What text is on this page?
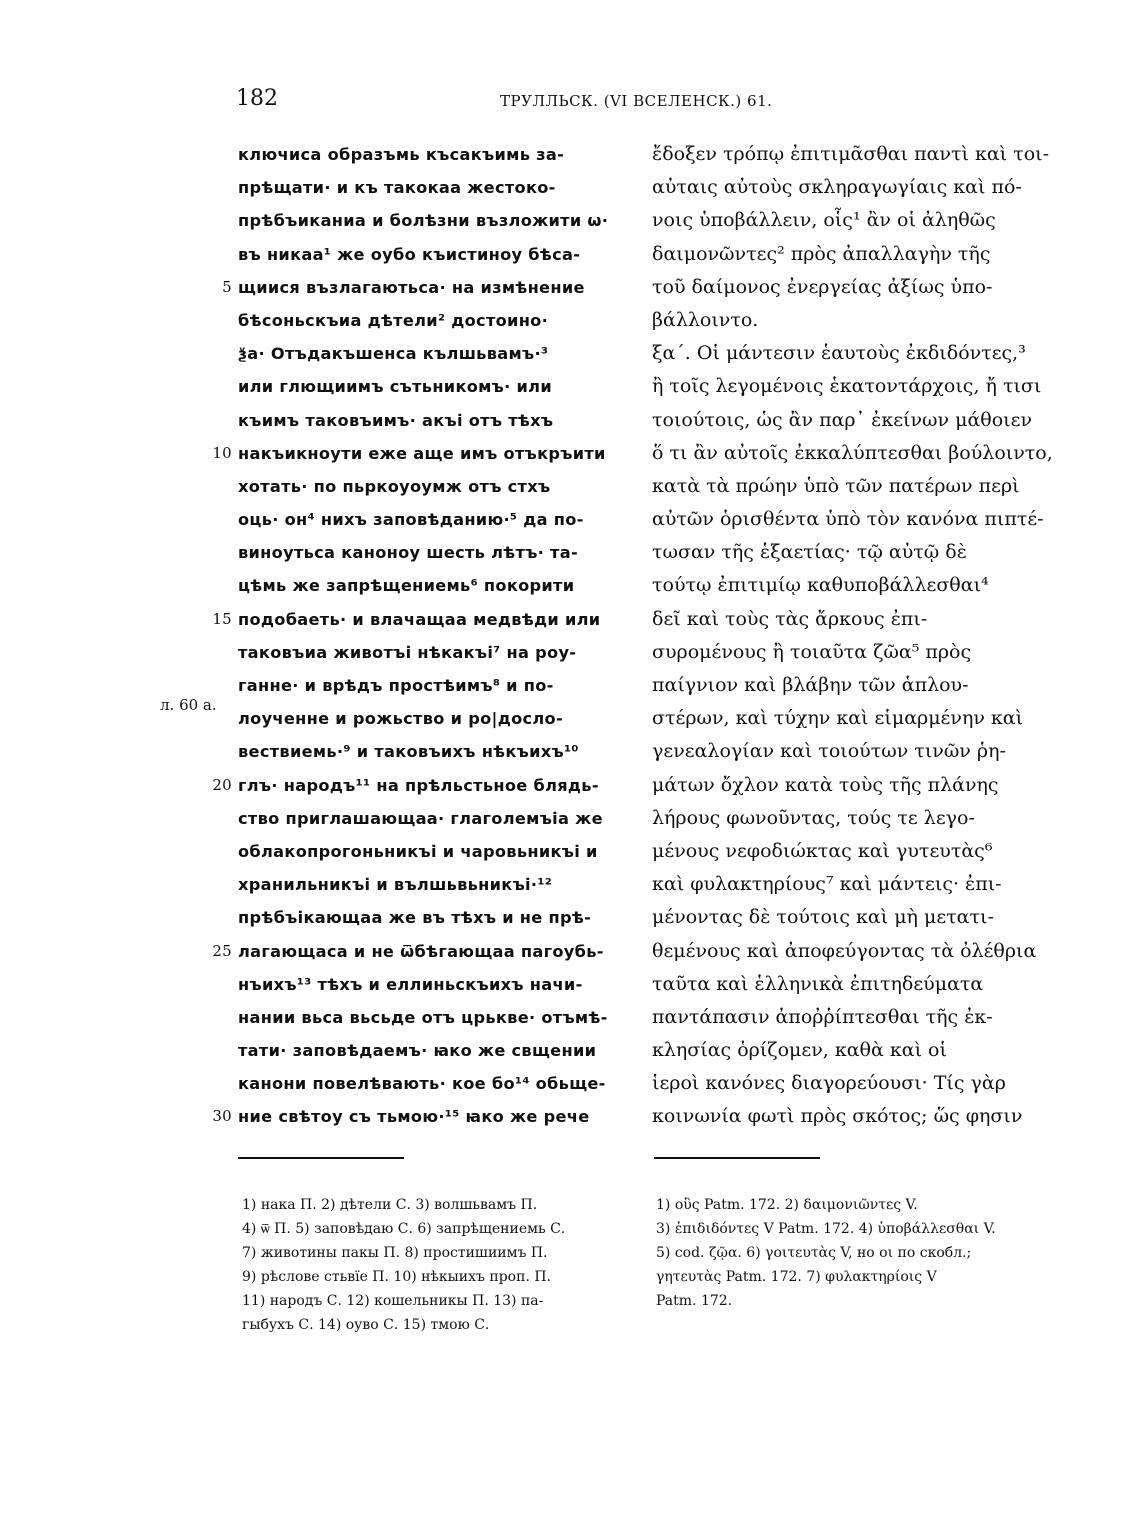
182	ТРУЛЛЬСК. (VI ВСЕЛЕНСК.) 61.
л. 60 а.
ключиса образъмь късакъимь за-
прѣщати· и къ такокаа жестоко-
прѣбъиканиа и болѣзни възложити ω·
въ никаа¹ же оубо къистиноу бѣса-
5 щиися възлагаютьса· на измѣнение
бѣсоньскъиа дѣтели² достоино·
ѯа· Отъдакъшенса кълшьвамъ·³
или глющиимъ сътьникомъ· или
къимъ таковъимъ· акъі отъ тѣхъ
10 накъикноути еже аще имъ отъкръити
хотать· по пьркоуоумж отъ стхъ
оць· он⁴ нихъ заповѣданию·⁵ да по-
виноутьса каноноу шесть лѣтъ· та-
цѣмь же запрѣщениемь⁶ покорити
15 подобаеть· и влачащаа медвѣди или
таковъиа животъі нѣкакъі⁷ на роу-
ганне· и врѣдъ простѣимъ⁸ и по-
лоученне и рожьство и ро|досло-
вествиемь·⁹ и таковъихъ нѣкъихъ¹⁰
20 глъ· народъ¹¹ на прѣльстьное блядь-
ство приглашающаа· глаголемъіа же
облакопрогоньникъі и чаровьникъі и
хранильникъі и вълшьвьникъі·¹²
прѣбъікающаа же въ тѣхъ и не прѣ-
25 лагающаса и не ѿбѣгающаа пагоубь-
нъихъ¹³ тѣхъ и еллиньскъихъ начи-
нании вьса вьсьде отъ црькве· отъмѣ-
тати· заповѣдаемъ· ꙗко же свщении
канони повелѣвають· кое бо¹⁴ обьще-
30 ние свѣтоу съ тьмою·¹⁵ ꙗко же рече
ἔδοξεν τρόπῳ ἐπιτιμᾶσθαι παντὶ καὶ τοι-
αὐταις αὐτοὺς σκληραγωγίαις καὶ πό-
νοις ὑποβάλλειν, οἷς¹ ἂν οἱ ἀληθῶς
δαιμονῶντες² πρὸς ἀπαλλαγὴν τῆς
τοῦ δαίμονος ἐνεργείας ἀξίως ὑπο-
βάλλοιντο.
ξα΄. Οἱ μάντεσιν ἑαυτοὺς ἐκδιδόντες,³
ἢ τοῖς λεγομένοις ἑκατοντάρχοις, ἤ τισι
τοιούτοις, ὡς ἂν παρ᾽ ἐκείνων μάθοιεν
ὅ τι ἂν αὐτοῖς ἐκκαλύπτεσθαι βούλοιντο,
κατὰ τὰ πρώην ὑπὸ τῶν πατέρων περὶ
αὐτῶν ὁρισθέντα ὑπὸ τὸν κανόνα πιπτέ-
τωσαν τῆς ἑξαετίας· τῷ αὐτῷ δὲ
τούτῳ ἐπιτιμίῳ καθυποβάλλεσθαι⁴
δεῖ καὶ τοὺς τὰς ἄρκους ἐπι-
συρομένους ἢ τοιαῦτα ζῶα⁵ πρὸς
παίγνιον καὶ βλάβην τῶν ἁπλου-
στέρων, καὶ τύχην καὶ εἱμαρμένην καὶ
γενεαλογίαν καὶ τοιούτων τινῶν ῥη-
μάτων ὄχλον κατὰ τοὺς τῆς πλάνης
λήρους φωνοῦντας, τούς τε λεγο-
μένους νεφοδιώκτας καὶ γυτευτὰς⁶
καὶ φυλακτηρίους⁷ καὶ μάντεις· ἐπι-
μένοντας δὲ τούτοις καὶ μὴ μετατι-
θεμένους καὶ ἀποφεύγοντας τὰ ὀλέθρια
ταῦτα καὶ ἑλληνικὰ ἐπιτηδεύματα
παντάπασιν ἀποῤῥίπτεσθαι τῆς ἐκ-
κλησίας ὁρίζομεν, καθὰ καὶ οἱ
ἱεροὶ κανόνες διαγορεύουσι· Τίς γὰρ
κοινωνία φωτὶ πρὸς σκότος; ὥς φησιν
1) нака П. 2) дѣтели С. 3) волшьвамъ П.
4) ѿ П. 5) заповѣдаю С. 6) запрѣщениемь С.
7) животины пакы П. 8) простишиимъ П.
9) рѣслове стьвїе П. 10) нѣкыихъ проп. П.
11) народъ С. 12) кошельникы П. 13) па-
гыбухъ С. 14) оуво С. 15) тмою С.
1) οὓς Patm. 172. 2) δαιμονιῶντες V.
3) ἐπιδιδόντες V Patm. 172. 4) ὑποβάλλεσθαι V.
5) cod. ζῷα. 6) γοιτευτὰς V, но οι по скобл.;
γητευτὰς Patm. 172. 7) φυλακτηρίοις V
Patm. 172.
